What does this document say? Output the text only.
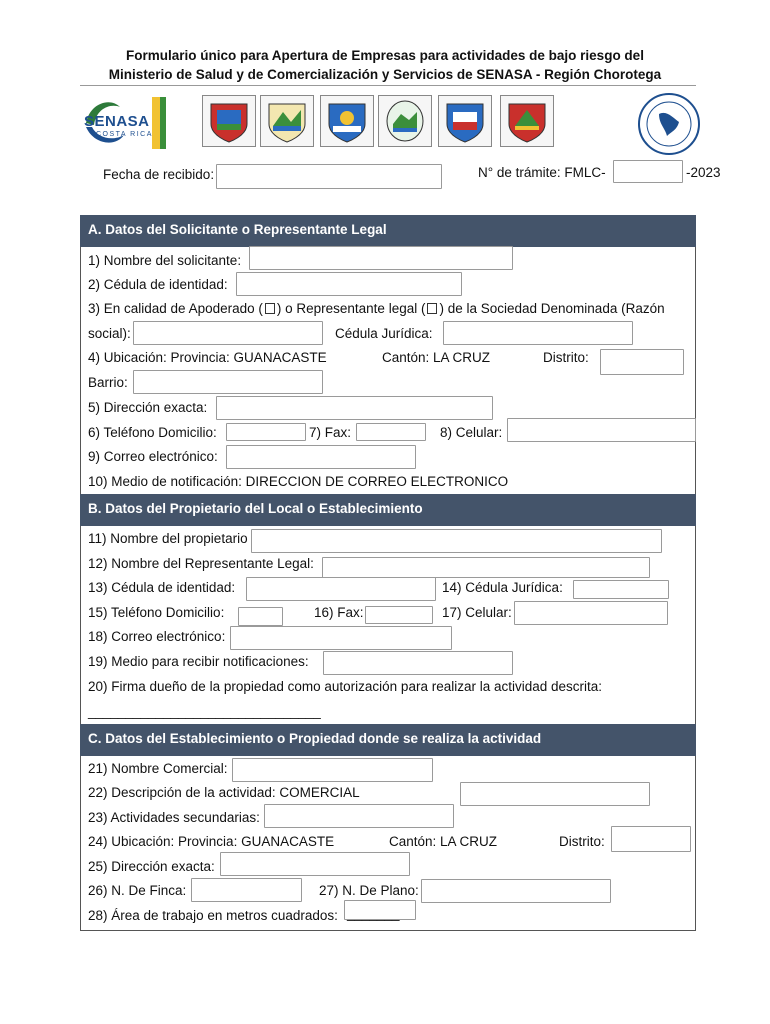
Formulario único para Apertura de Empresas para actividades de bajo riesgo del
Ministerio de Salud y de Comercialización y Servicios de SENASA - Región Chorotega
SENASA
COSTA RICA
Fecha de recibido:	N° de trámite: FMLC-	-2023
A. Datos del Solicitante o Representante Legal
1) Nombre del solicitante:
2) Cédula de identidad:
3) En calidad de Apoderado ( ) o Representante legal ( ) de la Sociedad Denominada (Razón
social):	Cédula Jurídica:
4) Ubicación: Provincia: GUANACASTE	Cantón: LA CRUZ	Distrito:
Barrio:
5) Dirección exacta:
6) Teléfono Domicilio:	7) Fax:	8) Celular:
9) Correo electrónico:
10) Medio de notificación: DIRECCION DE CORREO ELECTRONICO
B. Datos del Propietario del Local o Establecimiento
11) Nombre del propietario
12) Nombre del Representante Legal:
13) Cédula de identidad:	14) Cédula Jurídica:
15) Teléfono Domicilio:	16) Fax:	17) Celular:
18) Correo electrónico:
19) Medio para recibir notificaciones:
20) Firma dueño de la propiedad como autorización para realizar la actividad descrita:
_______________________________
C. Datos del Establecimiento o Propiedad donde se realiza la actividad
21) Nombre Comercial:
22) Descripción de la actividad: COMERCIAL
23) Actividades secundarias:
24) Ubicación: Provincia: GUANACASTE	Cantón: LA CRUZ	Distrito:
25) Dirección exacta:
26) N. De Finca:	27) N. De Plano:
28) Área de trabajo en metros cuadrados: _______
